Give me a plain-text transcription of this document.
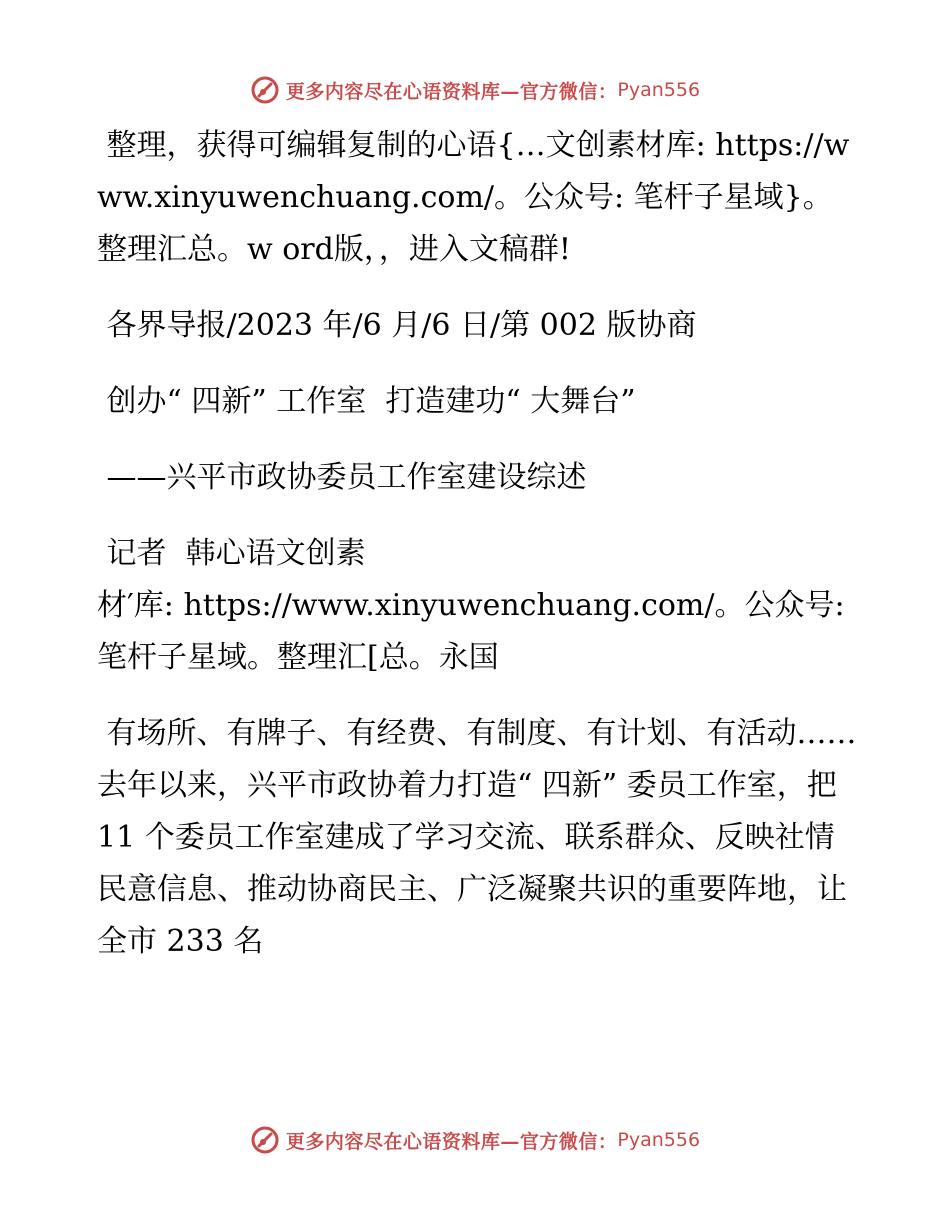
更多内容尽在心语资料库—官方微信： Pyan556

整理，获得可编辑复制的心语{…文创素材库: https://www.xinyuwenchuang.com/。公众号: 笔杆子星域}。整理汇总。w ord版，，进入文稿群!

各界导报/2023 年/6 月/6 日/第 002 版协商

创办“ 四新” 工作室  打造建功“ 大舞台”

——兴平市政协委员工作室建设综述

记者  韩心语文创素

材′库: https://www.xinyuwenchuang.com/。公众号: 笔杆子星域。整理汇[总。永国

有场所、有牌子、有经费、有制度、有计划、有活动……去年以来，兴平市政协着力打造“ 四新” 委员工作室，把 11 个委员工作室建成了学习交流、联系群众、反映社情民意信息、推动协商民主、广泛凝聚共识的重要阵地，让全市 233 名

更多内容尽在心语资料库—官方微信： Pyan556
